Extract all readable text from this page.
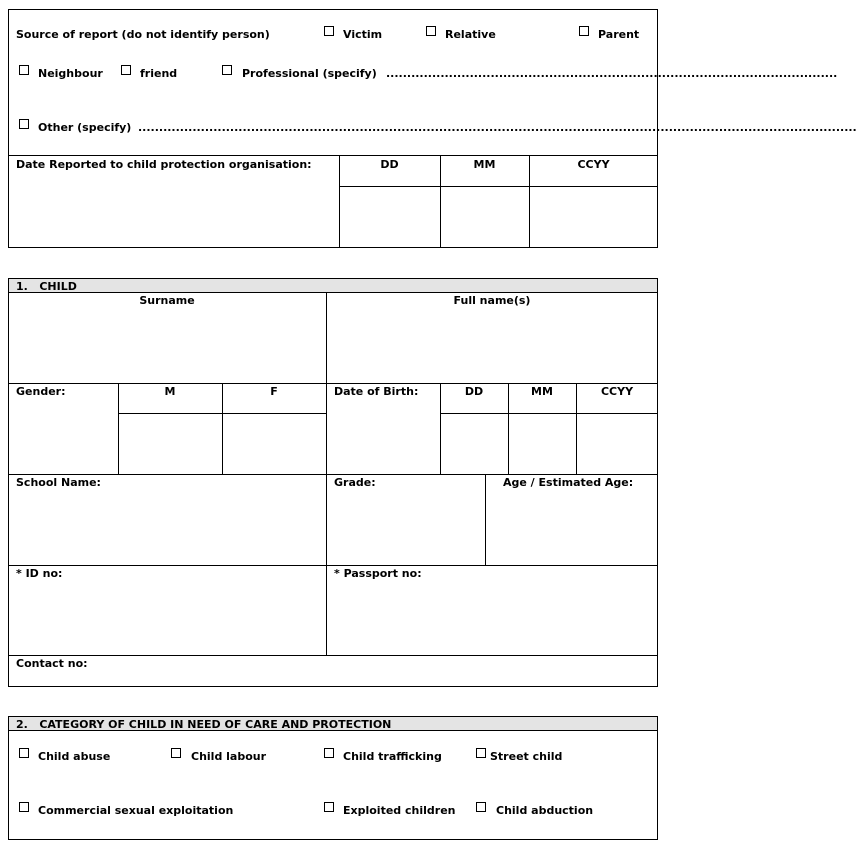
Source of report (do not identify person)	Victim	Relative	Parent
Neighbour	friend	Professional (specify) ............................................................................................................
Other (specify) ............................................................................................................................................................................
Date Reported to child protection organisation:	DD	MM	CCYY
1.   CHILD
Surname	Full name(s)
Gender:	M	F	Date of Birth:	DD	MM	CCYY
School Name:	Grade:	Age / Estimated Age:
* ID no:	* Passport no:
Contact no:
2.   CATEGORY OF CHILD IN NEED OF CARE AND PROTECTION
Child abuse	Child labour	Child trafficking	Street child
Commercial sexual exploitation	Exploited children	Child abduction
